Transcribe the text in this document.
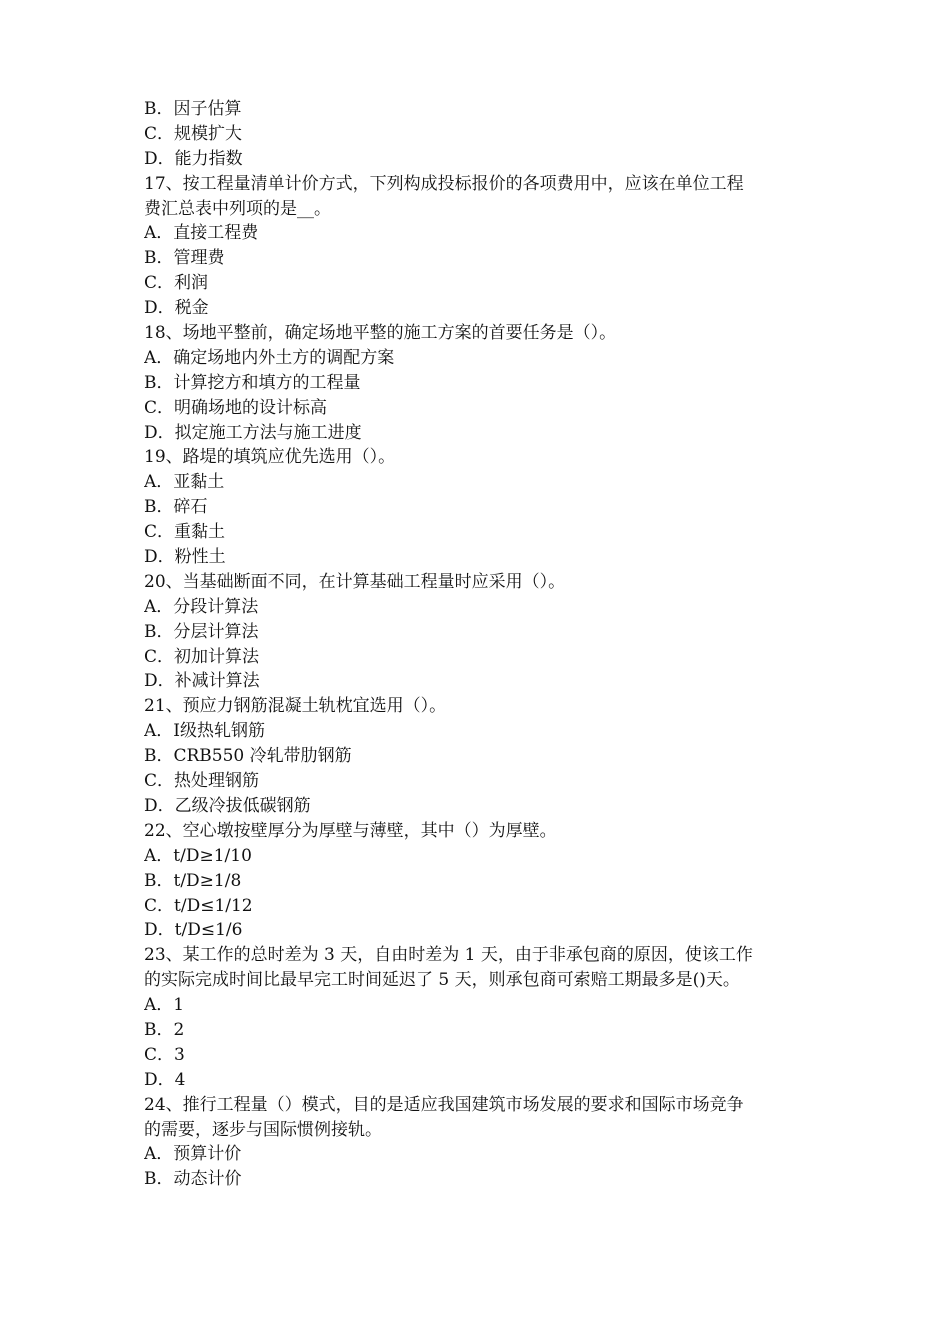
B．因子估算
C．规模扩大
D．能力指数
17、按工程量清单计价方式，下列构成投标报价的各项费用中，应该在单位工程
费汇总表中列项的是__。
A．直接工程费
B．管理费
C．利润
D．税金
18、场地平整前，确定场地平整的施工方案的首要任务是（）。
A．确定场地内外土方的调配方案
B．计算挖方和填方的工程量
C．明确场地的设计标高
D．拟定施工方法与施工进度
19、路堤的填筑应优先选用（）。
A．亚黏土
B．碎石
C．重黏土
D．粉性土
20、当基础断面不同，在计算基础工程量时应采用（）。
A．分段计算法
B．分层计算法
C．初加计算法
D．补减计算法
21、预应力钢筋混凝土轨枕宜选用（）。
A．Ⅰ级热轧钢筋
B．CRB550 冷轧带肋钢筋
C．热处理钢筋
D．乙级冷拔低碳钢筋
22、空心墩按壁厚分为厚壁与薄壁，其中（）为厚壁。
A．t/D≥1/10
B．t/D≥1/8
C．t/D≤1/12
D．t/D≤1/6
23、某工作的总时差为 3 天，自由时差为 1 天，由于非承包商的原因，使该工作
的实际完成时间比最早完工时间延迟了 5 天，则承包商可索赔工期最多是()天。
A．1
B．2
C．3
D．4
24、推行工程量（）模式，目的是适应我国建筑市场发展的要求和国际市场竞争
的需要，逐步与国际惯例接轨。
A．预算计价
B．动态计价
